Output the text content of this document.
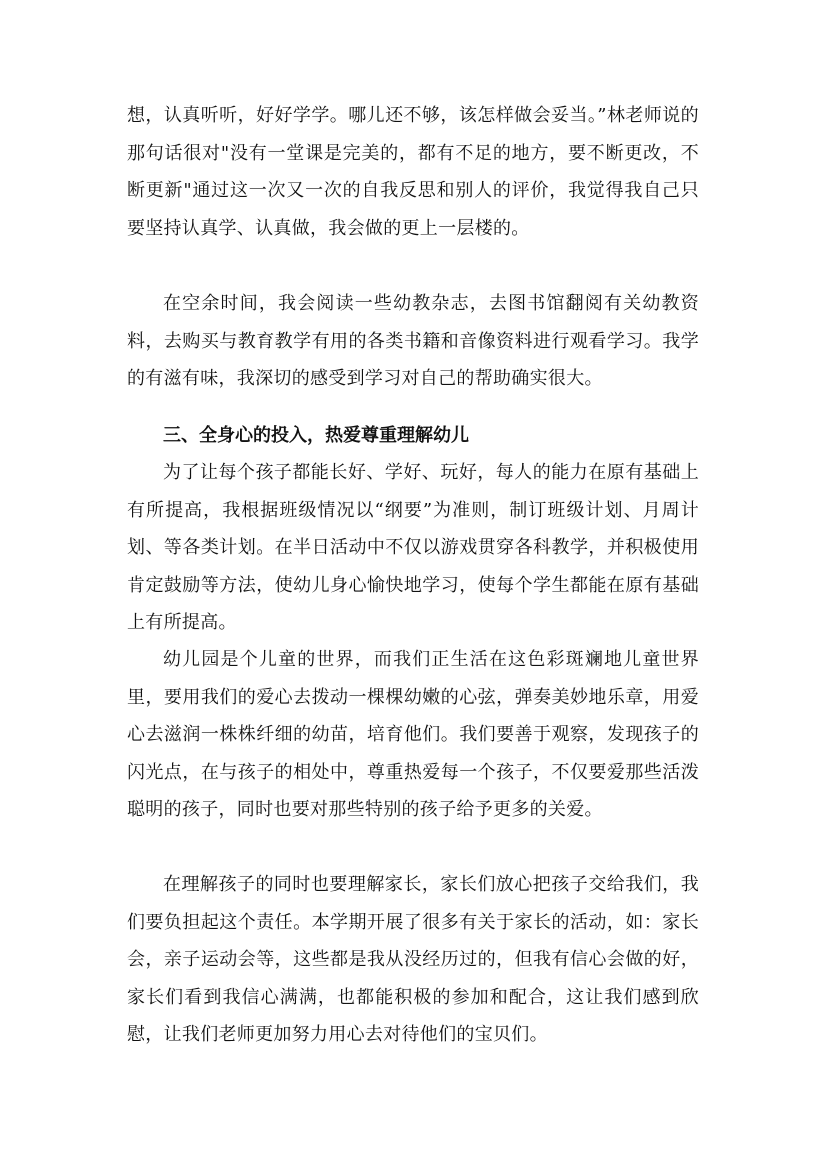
想，认真听听，好好学学。哪儿还不够，该怎样做会妥当。”林老师说的那句话很对"没有一堂课是完美的，都有不足的地方，要不断更改，不断更新"通过这一次又一次的自我反思和别人的评价，我觉得我自己只要坚持认真学、认真做，我会做的更上一层楼的。

在空余时间，我会阅读一些幼教杂志，去图书馆翻阅有关幼教资料，去购买与教育教学有用的各类书籍和音像资料进行观看学习。我学的有滋有味，我深切的感受到学习对自己的帮助确实很大。

三、全身心的投入，热爱尊重理解幼儿

为了让每个孩子都能长好、学好、玩好，每人的能力在原有基础上有所提高，我根据班级情况以“纲要”为准则，制订班级计划、月周计划、等各类计划。在半日活动中不仅以游戏贯穿各科教学，并积极使用肯定鼓励等方法，使幼儿身心愉快地学习，使每个学生都能在原有基础上有所提高。

幼儿园是个儿童的世界，而我们正生活在这色彩斑斓地儿童世界里，要用我们的爱心去拨动一棵棵幼嫩的心弦，弹奏美妙地乐章，用爱心去滋润一株株纤细的幼苗，培育他们。我们要善于观察，发现孩子的闪光点，在与孩子的相处中，尊重热爱每一个孩子，不仅要爱那些活泼聪明的孩子，同时也要对那些特别的孩子给予更多的关爱。

在理解孩子的同时也要理解家长，家长们放心把孩子交给我们，我们要负担起这个责任。本学期开展了很多有关于家长的活动，如：家长会，亲子运动会等，这些都是我从没经历过的，但我有信心会做的好，家长们看到我信心满满，也都能积极的参加和配合，这让我们感到欣慰，让我们老师更加努力用心去对待他们的宝贝们。
